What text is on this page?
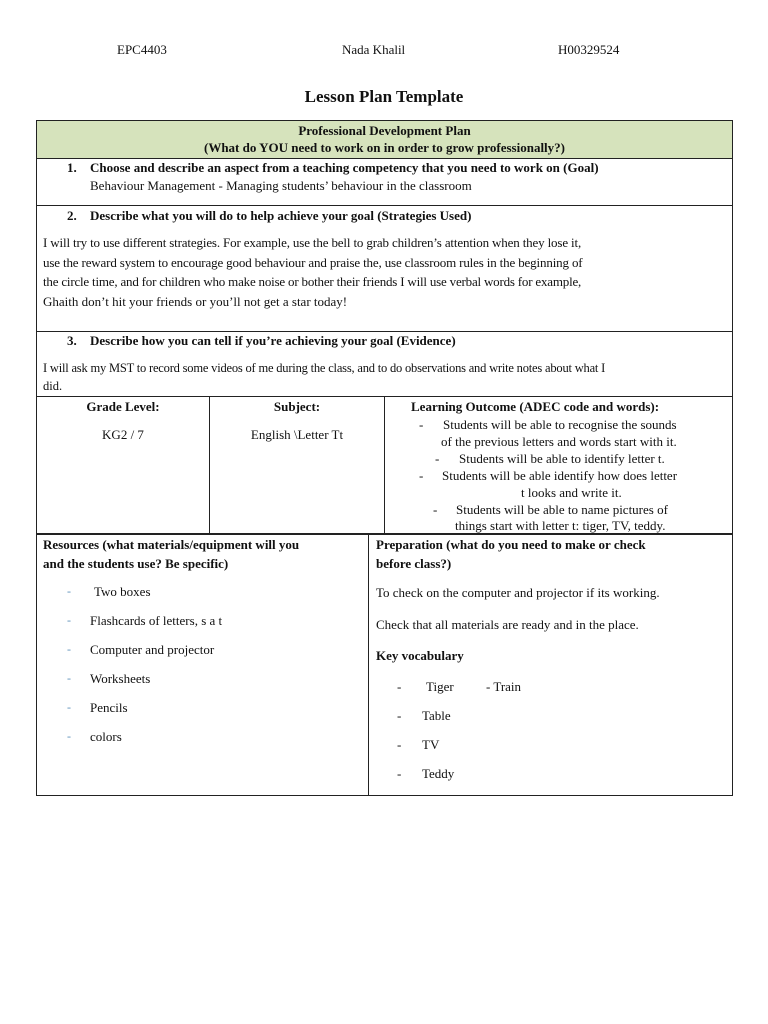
EPC4403	Nada Khalil	H00329524
Lesson Plan Template
Professional Development Plan
(What do YOU need to work on in order to grow professionally?)
1. Choose and describe an aspect from a teaching competency that you need to work on (Goal)
Behaviour Management - Managing students’ behaviour in the classroom
2. Describe what you will do to help achieve your goal (Strategies Used)
I will try to use different strategies. For example, use the bell to grab children’s attention when they lose it,
use the reward system to encourage good behaviour and praise the, use classroom rules in the beginning of
the circle time, and for children who make noise or bother their friends I will use verbal words for example,
Ghaith don’t hit your friends or you’ll not get a star today!
3. Describe how you can tell if you’re achieving your goal (Evidence)
I will ask my MST to record some videos of me during the class, and to do observations and write notes about what I
did.
Grade Level:
KG2 / 7
Subject:
English \Letter Tt
Learning Outcome (ADEC code and words):
- Students will be able to recognise the sounds
of the previous letters and words start with it.
- Students will be able to identify letter t.
- Students will be able identify how does letter
t looks and write it.
- Students will be able to name pictures of
things start with letter t: tiger, TV, teddy.
Resources (what materials/equipment will you
and the students use? Be specific)
- Two boxes
- Flashcards of letters, s a t
- Computer and projector
- Worksheets
- Pencils
- colors
Preparation (what do you need to make or check
before class?)
To check on the computer and projector if its working.
Check that all materials are ready and in the place.
Key vocabulary
- Tiger - Train
- Table
- TV
- Teddy
